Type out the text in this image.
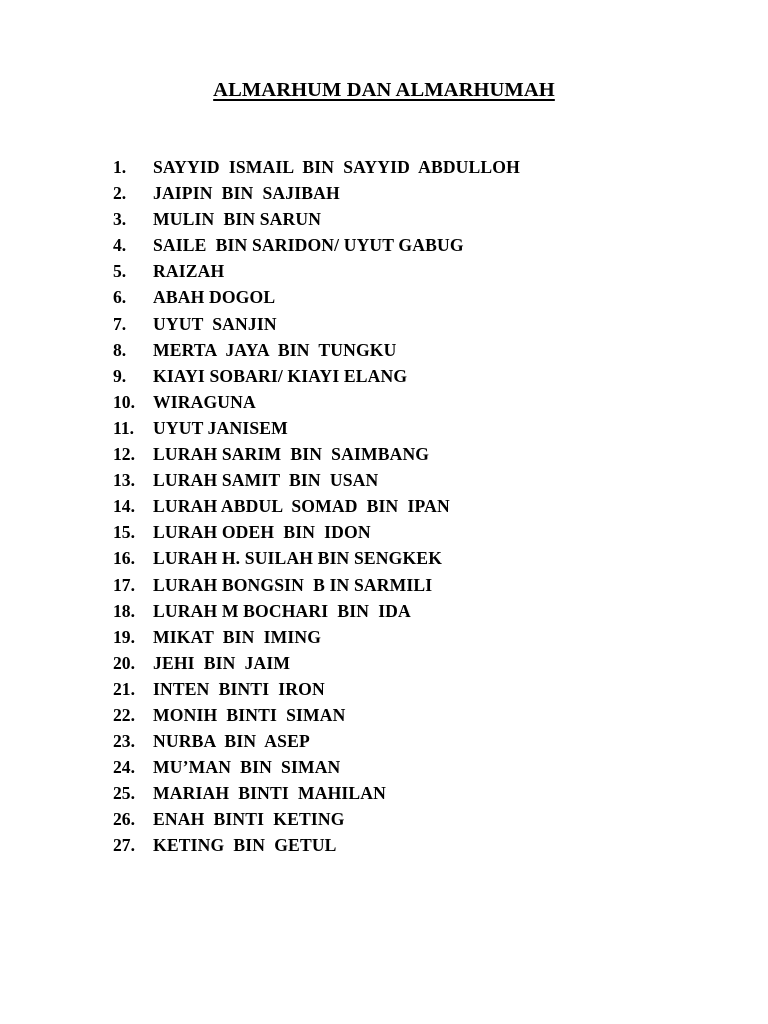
ALMARHUM DAN ALMARHUMAH
1. SAYYID  ISMAIL  BIN  SAYYID  ABDULLOH
2. JAIPIN  BIN  SAJIBAH
3. MULIN  BIN SARUN
4. SAILE  BIN SARIDON/ UYUT GABUG
5. RAIZAH
6. ABAH DOGOL
7. UYUT  SANJIN
8. MERTA  JAYA  BIN  TUNGKU
9. KIAYI SOBARI/ KIAYI ELANG
10. WIRAGUNA
11. UYUT JANISEM
12. LURAH SARIM  BIN  SAIMBANG
13. LURAH SAMIT  BIN  USAN
14. LURAH ABDUL  SOMAD  BIN  IPAN
15. LURAH ODEH  BIN  IDON
16. LURAH H. SUILAH BIN SENGKEK
17. LURAH BONGSIN  B IN SARMILI
18. LURAH M BOCHARI  BIN  IDA
19. MIKAT  BIN  IMING
20. JEHI  BIN  JAIM
21. INTEN  BINTI  IRON
22. MONIH  BINTI  SIMAN
23. NURBA  BIN  ASEP
24. MU’MAN  BIN  SIMAN
25. MARIAH  BINTI  MAHILAN
26. ENAH  BINTI  KETING
27. KETING  BIN  GETUL
